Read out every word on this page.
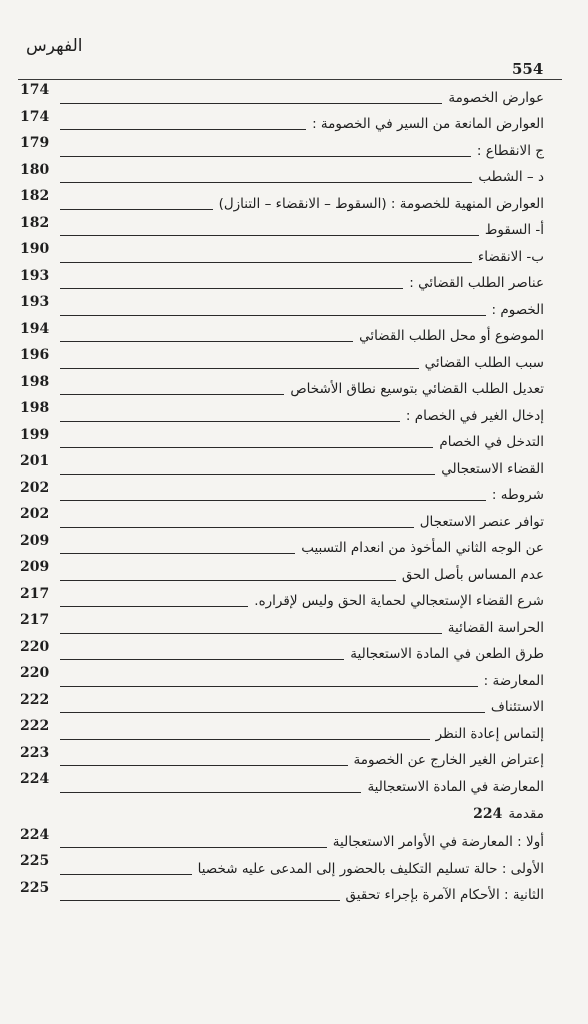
الفهرس
554
عوارض الخصومة
174
العوارض المانعة من السير في الخصومة :
174
ج الانقطاع :
179
د – الشطب
180
العوارض المنهية للخصومة : (السقوط – الانقضاء – التنازل)
182
أ- السقوط
182
ب- الانقضاء
190
عناصر الطلب القضائي :
193
الخصوم :
193
الموضوع أو محل الطلب القضائي
194
سبب الطلب القضائي
196
تعديل الطلب القضائي بتوسيع نطاق الأشخاص
198
إدخال الغير في الخصام :
198
التدخل في الخصام
199
القضاء الاستعجالي
201
شروطه :
202
توافر عنصر الاستعجال
202
عن الوجه الثاني المأخوذ من انعدام التسبيب
209
عدم المساس بأصل الحق
209
شرع القضاء الإستعجالي لحماية الحق وليس لإقراره.
217
الحراسة القضائية
217
طرق الطعن في المادة الاستعجالية
220
المعارضة :
220
الاستئناف
222
إلتماس إعادة النظر
222
إعتراض الغير الخارج عن الخصومة
223
المعارضة في المادة الاستعجالية
224
مقدمة
224
أولا : المعارضة في الأوامر الاستعجالية
224
الأولى : حالة تسليم التكليف بالحضور إلى المدعى عليه شخصيا
225
الثانية : الأحكام الآمرة بإجراء تحقيق
225
